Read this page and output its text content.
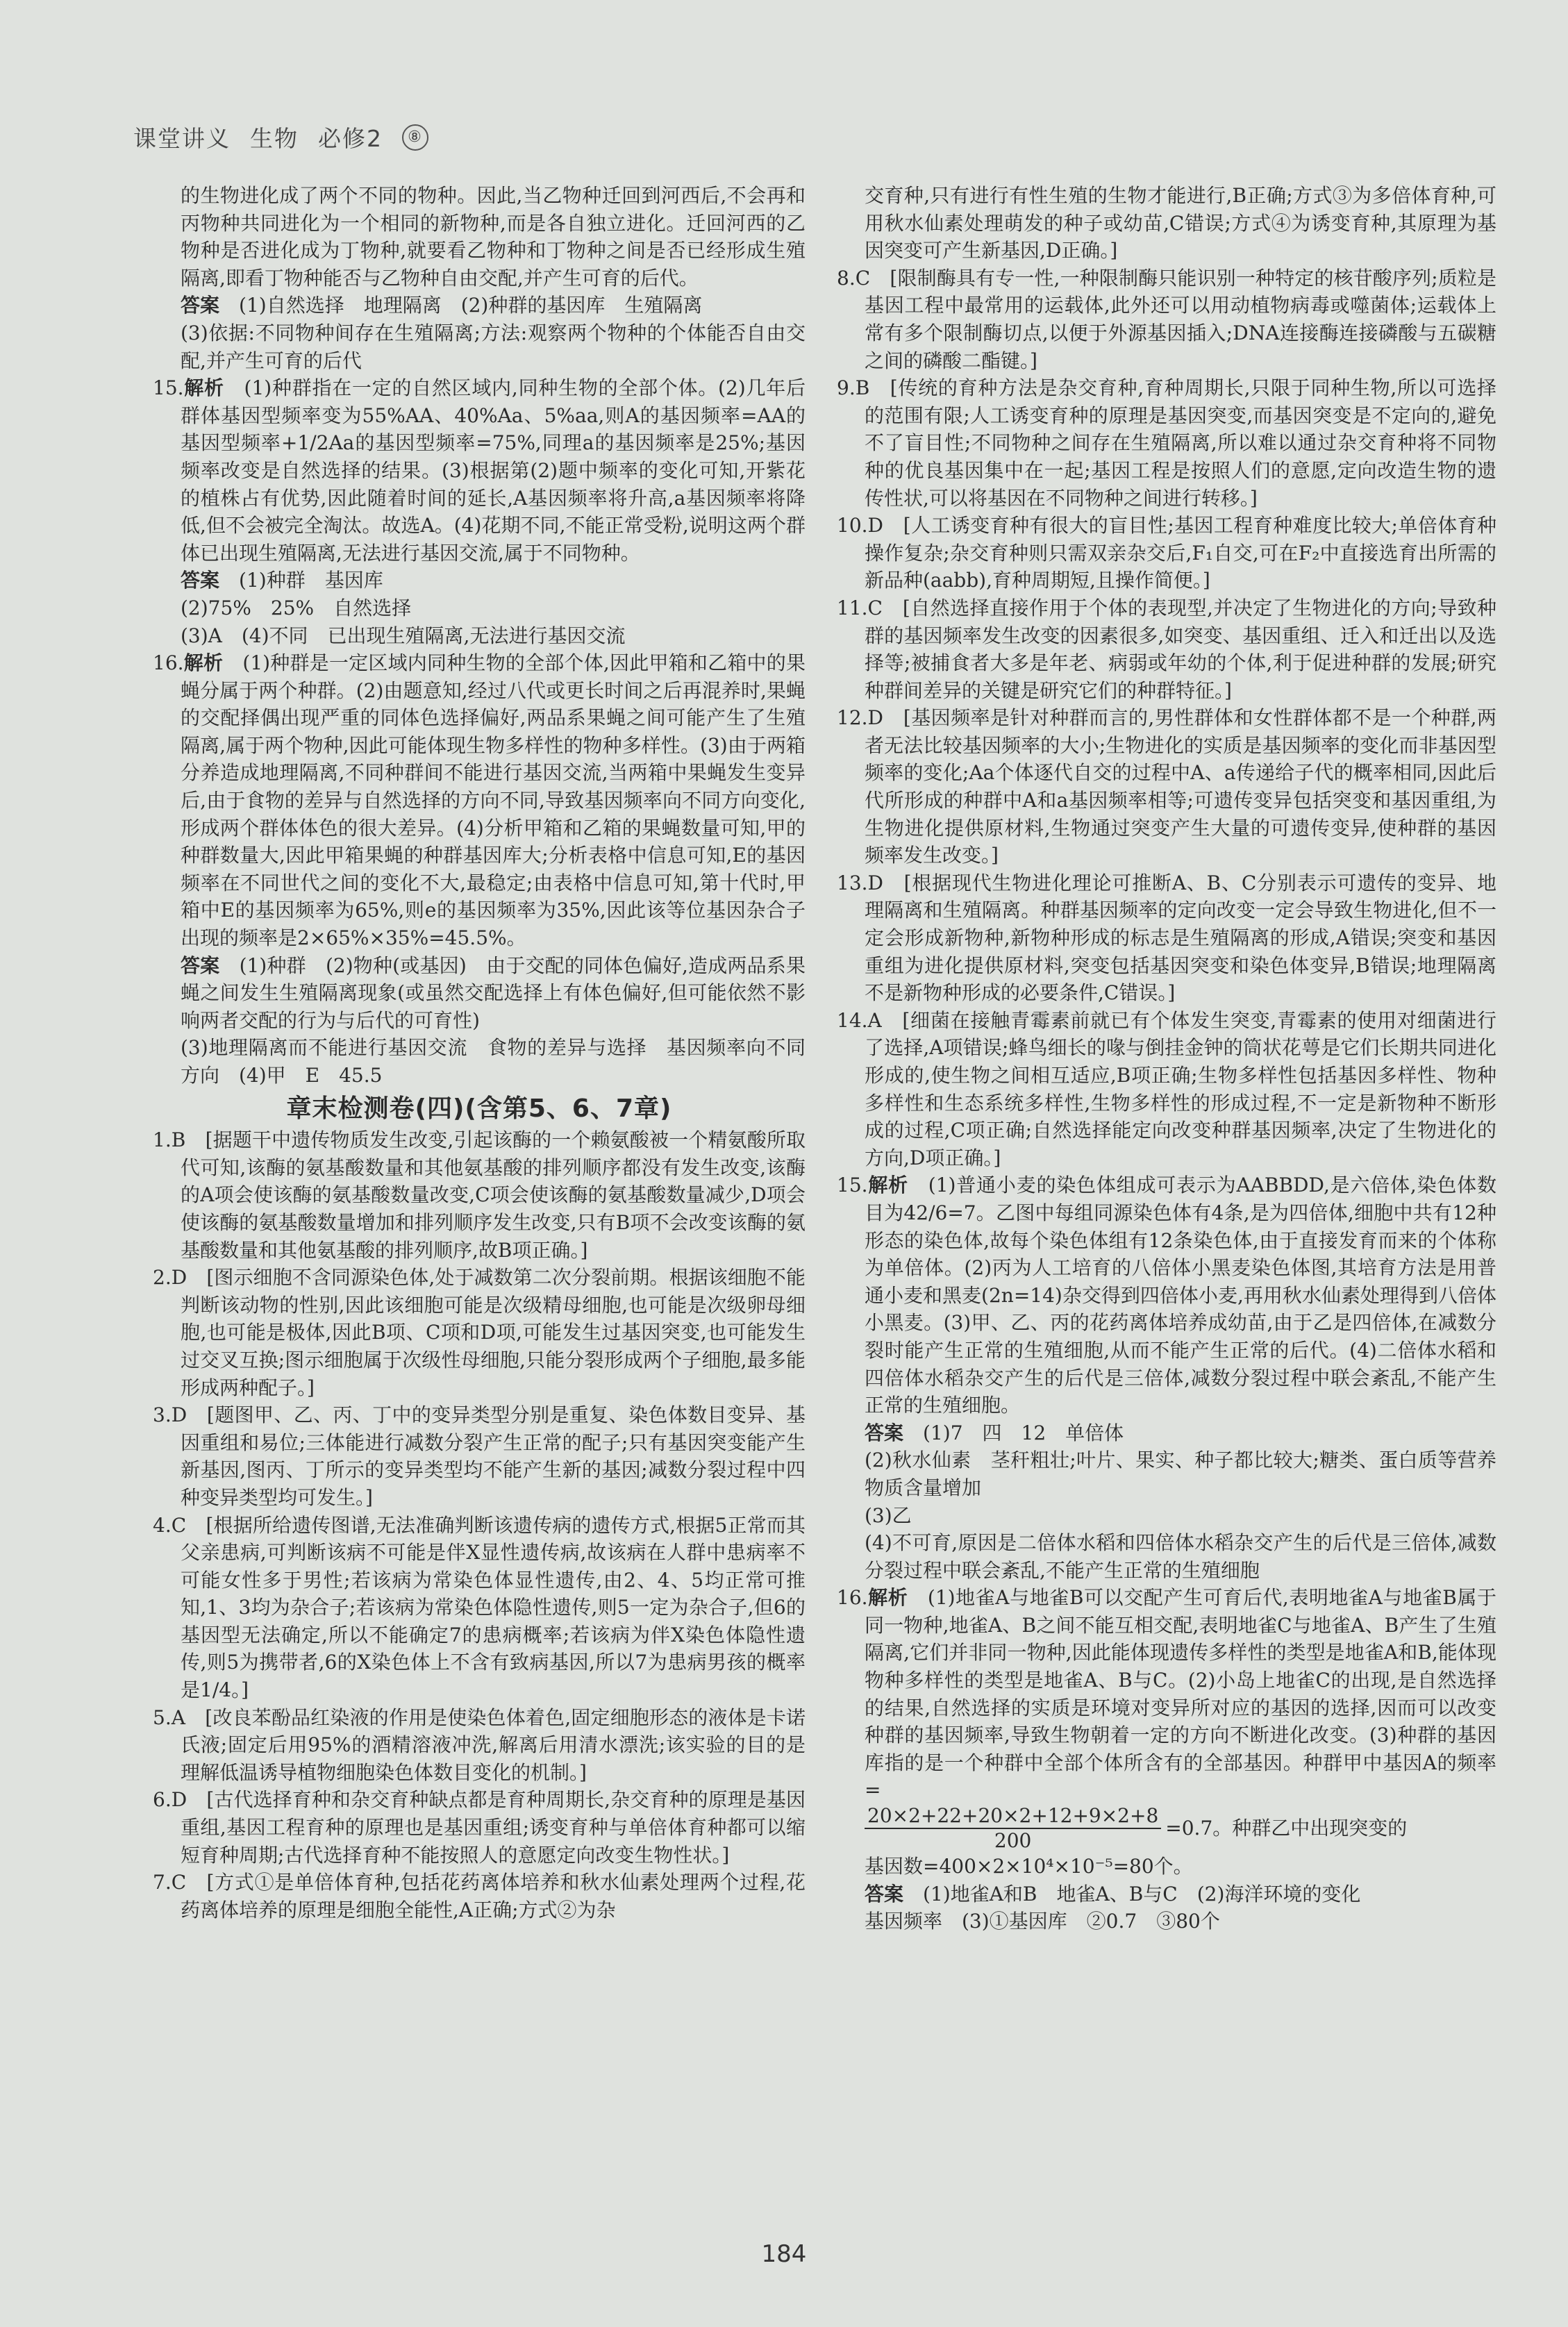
课堂讲义 生物 必修2	⑧

的生物进化成了两个不同的物种。因此,当乙物种迁回到河西后,不会再和丙物种共同进化为一个相同的新物种,而是各自独立进化。迁回河西的乙物种是否进化成为丁物种,就要看乙物种和丁物种之间是否已经形成生殖隔离,即看丁物种能否与乙物种自由交配,并产生可育的后代。

答案　 (1)自然选择　地理隔离　(2)种群的基因库　生殖隔离

(3)依据:不同物种间存在生殖隔离;方法:观察两个物种的个体能否自由交配,并产生可育的后代

15.解析　 (1)种群指在一定的自然区域内,同种生物的全部个体。(2)几年后群体基因型频率变为55%AA、40%Aa、5%aa,则A的基因频率=AA的基因型频率+1/2Aa的基因型频率=75%,同理a的基因频率是25%;基因频率改变是自然选择的结果。(3)根据第(2)题中频率的变化可知,开紫花的植株占有优势,因此随着时间的延长,A基因频率将升高,a基因频率将降低,但不会被完全淘汰。故选A。(4)花期不同,不能正常受粉,说明这两个群体已出现生殖隔离,无法进行基因交流,属于不同物种。

答案　 (1)种群　基因库

(2)75%　25%　自然选择

(3)A　(4)不同　已出现生殖隔离,无法进行基因交流

16.解析　 (1)种群是一定区域内同种生物的全部个体,因此甲箱和乙箱中的果蝇分属于两个种群。(2)由题意知,经过八代或更长时间之后再混养时,果蝇的交配择偶出现严重的同体色选择偏好,两品系果蝇之间可能产生了生殖隔离,属于两个物种,因此可能体现生物多样性的物种多样性。(3)由于两箱分养造成地理隔离,不同种群间不能进行基因交流,当两箱中果蝇发生变异后,由于食物的差异与自然选择的方向不同,导致基因频率向不同方向变化,形成两个群体体色的很大差异。(4)分析甲箱和乙箱的果蝇数量可知,甲的种群数量大,因此甲箱果蝇的种群基因库大;分析表格中信息可知,E的基因频率在不同世代之间的变化不大,最稳定;由表格中信息可知,第十代时,甲箱中E的基因频率为65%,则e的基因频率为35%,因此该等位基因杂合子出现的频率是2×65%×35%=45.5%。

答案　 (1)种群　(2)物种(或基因)　由于交配的同体色偏好,造成两品系果蝇之间发生生殖隔离现象(或虽然交配选择上有体色偏好,但可能依然不影响两者交配的行为与后代的可育性)

(3)地理隔离而不能进行基因交流　食物的差异与选择　基因频率向不同方向　(4)甲　E　45.5

章末检测卷(四)(含第5、6、7章)

1.B　[据题干中遗传物质发生改变,引起该酶的一个赖氨酸被一个精氨酸所取代可知,该酶的氨基酸数量和其他氨基酸的排列顺序都没有发生改变,该酶的A项会使该酶的氨基酸数量改变,C项会使该酶的氨基酸数量减少,D项会使该酶的氨基酸数量增加和排列顺序发生改变,只有B项不会改变该酶的氨基酸数量和其他氨基酸的排列顺序,故B项正确。]

2.D　[图示细胞不含同源染色体,处于减数第二次分裂前期。根据该细胞不能判断该动物的性别,因此该细胞可能是次级精母细胞,也可能是次级卵母细胞,也可能是极体,因此B项、C项和D项,可能发生过基因突变,也可能发生过交叉互换;图示细胞属于次级性母细胞,只能分裂形成两个子细胞,最多能形成两种配子。]

3.D　[题图甲、乙、丙、丁中的变异类型分别是重复、染色体数目变异、基因重组和易位;三体能进行减数分裂产生正常的配子;只有基因突变能产生新基因,图丙、丁所示的变异类型均不能产生新的基因;减数分裂过程中四种变异类型均可发生。]

4.C　[根据所给遗传图谱,无法准确判断该遗传病的遗传方式,根据5正常而其父亲患病,可判断该病不可能是伴X显性遗传病,故该病在人群中患病率不可能女性多于男性;若该病为常染色体显性遗传,由2、4、5均正常可推知,1、3均为杂合子;若该病为常染色体隐性遗传,则5一定为杂合子,但6的基因型无法确定,所以不能确定7的患病概率;若该病为伴X染色体隐性遗传,则5为携带者,6的X染色体上不含有致病基因,所以7为患病男孩的概率是1/4。]

5.A　[改良苯酚品红染液的作用是使染色体着色,固定细胞形态的液体是卡诺氏液;固定后用95%的酒精溶液冲洗,解离后用清水漂洗;该实验的目的是理解低温诱导植物细胞染色体数目变化的机制。]

6.D　[古代选择育种和杂交育种缺点都是育种周期长,杂交育种的原理是基因重组,基因工程育种的原理也是基因重组;诱变育种与单倍体育种都可以缩短育种周期;古代选择育种不能按照人的意愿定向改变生物性状。]

7.C　[方式①是单倍体育种,包括花药离体培养和秋水仙素处理两个过程,花药离体培养的原理是细胞全能性,A正确;方式②为杂

交育种,只有进行有性生殖的生物才能进行,B正确;方式③为多倍体育种,可用秋水仙素处理萌发的种子或幼苗,C错误;方式④为诱变育种,其原理为基因突变可产生新基因,D正确。]

8.C　[限制酶具有专一性,一种限制酶只能识别一种特定的核苷酸序列;质粒是基因工程中最常用的运载体,此外还可以用动植物病毒或噬菌体;运载体上常有多个限制酶切点,以便于外源基因插入;DNA连接酶连接磷酸与五碳糖之间的磷酸二酯键。]

9.B　[传统的育种方法是杂交育种,育种周期长,只限于同种生物,所以可选择的范围有限;人工诱变育种的原理是基因突变,而基因突变是不定向的,避免不了盲目性;不同物种之间存在生殖隔离,所以难以通过杂交育种将不同物种的优良基因集中在一起;基因工程是按照人们的意愿,定向改造生物的遗传性状,可以将基因在不同物种之间进行转移。]

10.D　[人工诱变育种有很大的盲目性;基因工程育种难度比较大;单倍体育种操作复杂;杂交育种则只需双亲杂交后,F₁自交,可在F₂中直接选育出所需的新品种(aabb),育种周期短,且操作简便。]

11.C　[自然选择直接作用于个体的表现型,并决定了生物进化的方向;导致种群的基因频率发生改变的因素很多,如突变、基因重组、迁入和迁出以及选择等;被捕食者大多是年老、病弱或年幼的个体,利于促进种群的发展;研究种群间差异的关键是研究它们的种群特征。]

12.D　[基因频率是针对种群而言的,男性群体和女性群体都不是一个种群,两者无法比较基因频率的大小;生物进化的实质是基因频率的变化而非基因型频率的变化;Aa个体逐代自交的过程中A、a传递给子代的概率相同,因此后代所形成的种群中A和a基因频率相等;可遗传变异包括突变和基因重组,为生物进化提供原材料,生物通过突变产生大量的可遗传变异,使种群的基因频率发生改变。]

13.D　[根据现代生物进化理论可推断A、B、C分别表示可遗传的变异、地理隔离和生殖隔离。种群基因频率的定向改变一定会导致生物进化,但不一定会形成新物种,新物种形成的标志是生殖隔离的形成,A错误;突变和基因重组为进化提供原材料,突变包括基因突变和染色体变异,B错误;地理隔离不是新物种形成的必要条件,C错误。]

14.A　[细菌在接触青霉素前就已有个体发生突变,青霉素的使用对细菌进行了选择,A项错误;蜂鸟细长的喙与倒挂金钟的筒状花萼是它们长期共同进化形成的,使生物之间相互适应,B项正确;生物多样性包括基因多样性、物种多样性和生态系统多样性,生物多样性的形成过程,不一定是新物种不断形成的过程,C项正确;自然选择能定向改变种群基因频率,决定了生物进化的方向,D项正确。]

15.解析　 (1)普通小麦的染色体组成可表示为AABBDD,是六倍体,染色体数目为42/6=7。乙图中每组同源染色体有4条,是为四倍体,细胞中共有12种形态的染色体,故每个染色体组有12条染色体,由于直接发育而来的个体称为单倍体。(2)丙为人工培育的八倍体小黑麦染色体图,其培育方法是用普通小麦和黑麦(2n=14)杂交得到四倍体小麦,再用秋水仙素处理得到八倍体小黑麦。(3)甲、乙、丙的花药离体培养成幼苗,由于乙是四倍体,在减数分裂时能产生正常的生殖细胞,从而不能产生正常的后代。(4)二倍体水稻和四倍体水稻杂交产生的后代是三倍体,减数分裂过程中联会紊乱,不能产生正常的生殖细胞。

答案　 (1)7　四　12　单倍体

(2)秋水仙素　茎秆粗壮;叶片、果实、种子都比较大;糖类、蛋白质等营养物质含量增加

(3)乙

(4)不可育,原因是二倍体水稻和四倍体水稻杂交产生的后代是三倍体,减数分裂过程中联会紊乱,不能产生正常的生殖细胞

16.解析　 (1)地雀A与地雀B可以交配产生可育后代,表明地雀A与地雀B属于同一物种,地雀A、B之间不能互相交配,表明地雀C与地雀A、B产生了生殖隔离,它们并非同一物种,因此能体现遗传多样性的类型是地雀A和B,能体现物种多样性的类型是地雀A、B与C。(2)小岛上地雀C的出现,是自然选择的结果,自然选择的实质是环境对变异所对应的基因的选择,因而可以改变种群的基因频率,导致生物朝着一定的方向不断进化改变。(3)种群的基因库指的是一个种群中全部个体所含有的全部基因。种群甲中基因A的频率=

$\frac{20\times 2+22+20\times 2+12+9\times 2+8}{200} =0.7$。种群乙中出现突变的

基因数=400×2×10⁴×10⁻⁵=80个。

答案　 (1)地雀A和B　地雀A、B与C　(2)海洋环境的变化

基因频率　(3)①基因库　②0.7　③80个

184
